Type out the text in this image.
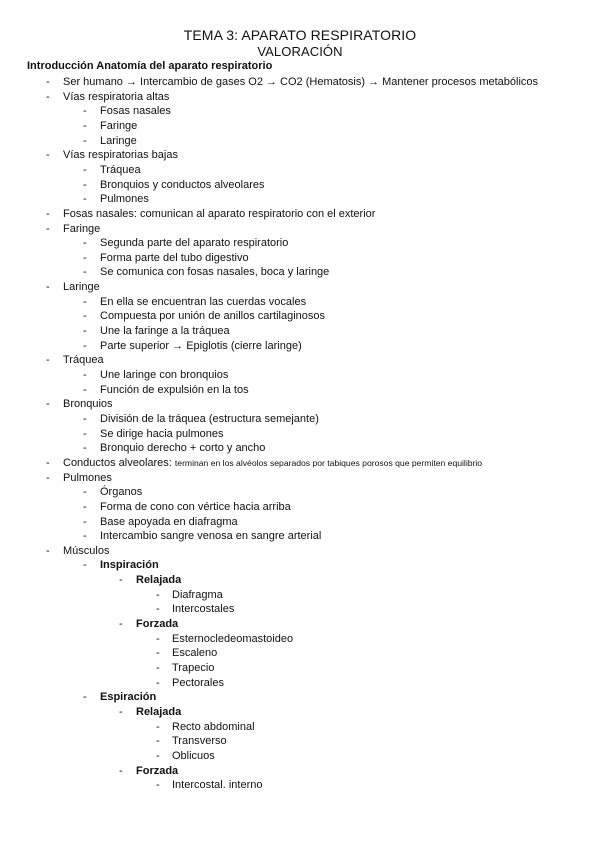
TEMA 3: APARATO RESPIRATORIO
VALORACIÓN
Introducción Anatomía del aparato respiratorio
- Ser humano → Intercambio de gases O2 → CO2 (Hematosis) → Mantener procesos metabólicos
- Vías respiratoria altas
- Fosas nasales
- Faringe
- Laringe
- Vías respiratorias bajas
- Tráquea
- Bronquios y conductos alveolares
- Pulmones
- Fosas nasales: comunican al aparato respiratorio con el exterior
- Faringe
- Segunda parte del aparato respiratorio
- Forma parte del tubo digestivo
- Se comunica con fosas nasales, boca y laringe
- Laringe
- En ella se encuentran las cuerdas vocales
- Compuesta por unión de anillos cartilaginosos
- Une la faringe a la tráquea
- Parte superior → Epiglotis (cierre laringe)
- Tráquea
- Une laringe con bronquios
- Función de expulsión en la tos
- Bronquios
- División de la tráquea (estructura semejante)
- Se dirige hacia pulmones
- Bronquio derecho + corto y ancho
- Conductos alveolares: terminan en los alvéolos separados por tabiques porosos que permiten equilibrio
- Pulmones
- Órganos
- Forma de cono con vértice hacia arriba
- Base apoyada en diafragma
- Intercambio sangre venosa en sangre arterial
- Músculos
- Inspiración
- Relajada
- Diafragma
- Intercostales
- Forzada
- Esternocledeomastoideo
- Escaleno
- Trapecio
- Pectorales
- Espiración
- Relajada
- Recto abdominal
- Transverso
- Oblicuos
- Forzada
- Intercostal. interno
